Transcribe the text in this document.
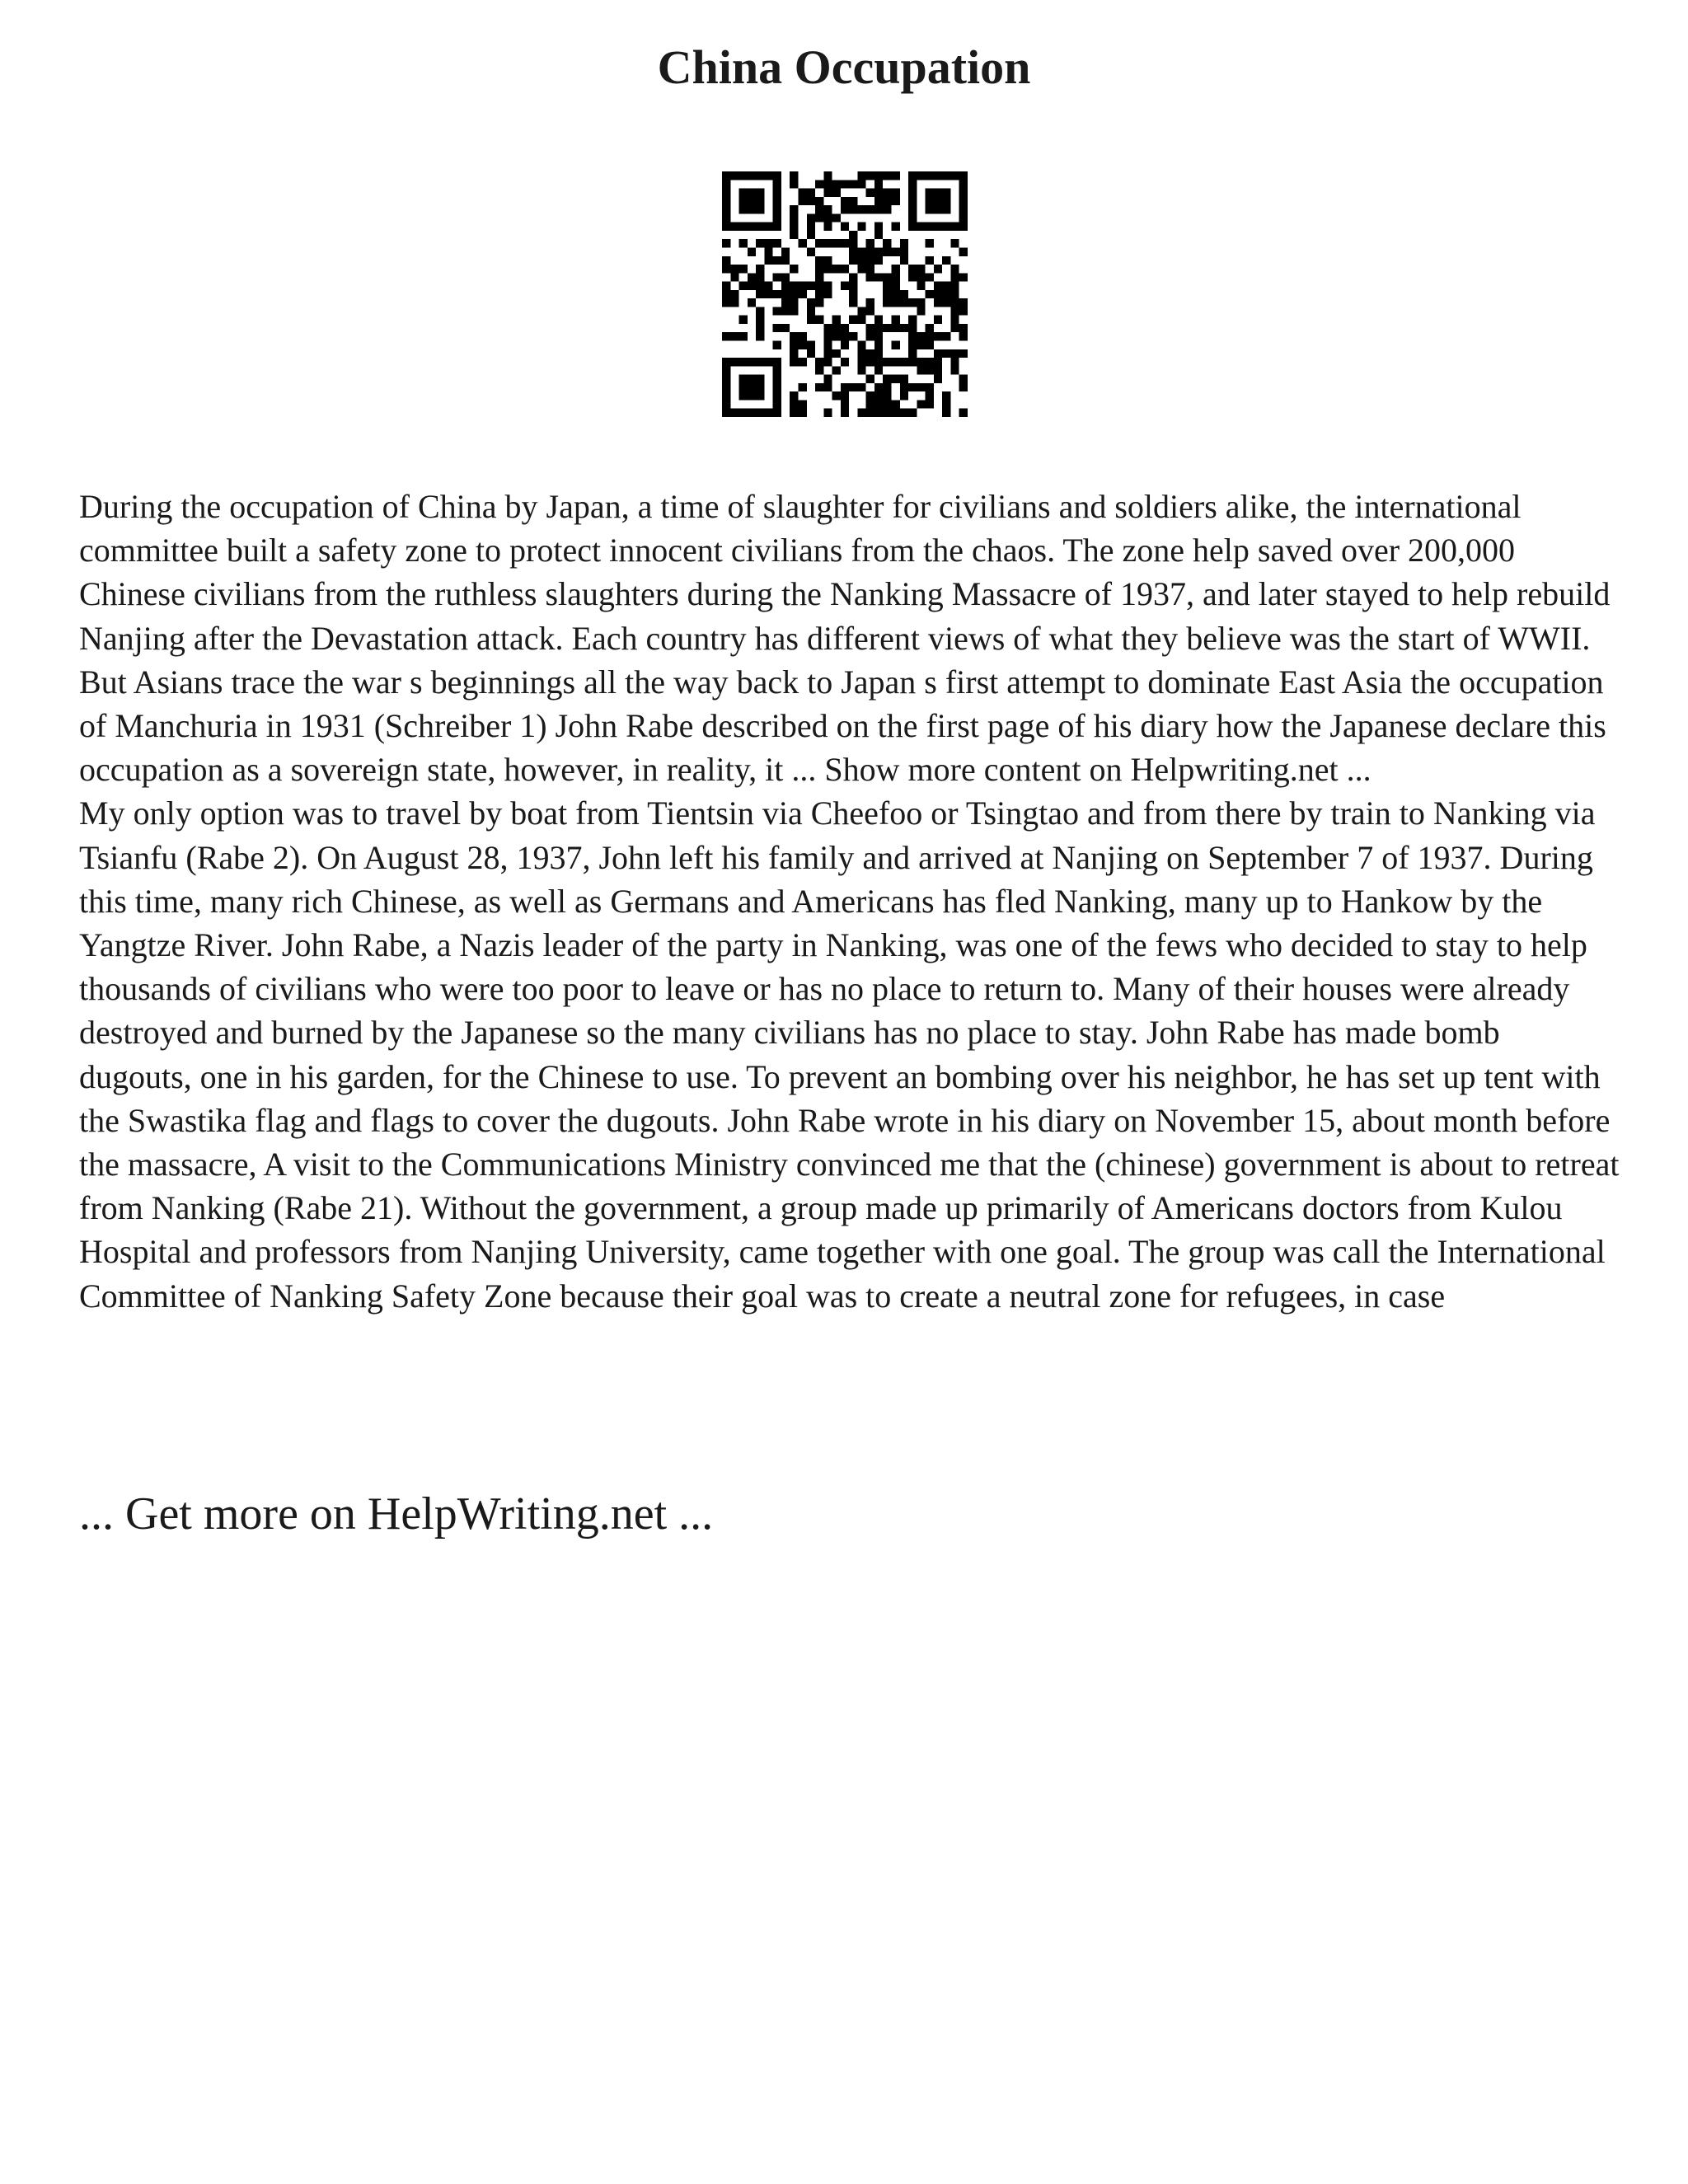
China Occupation

During the occupation of China by Japan, a time of slaughter for civilians and soldiers alike, the international committee built a safety zone to protect innocent civilians from the chaos. The zone help saved over 200,000 Chinese civilians from the ruthless slaughters during the Nanking Massacre of 1937, and later stayed to help rebuild Nanjing after the Devastation attack. Each country has different views of what they believe was the start of WWII. But Asians trace the war s beginnings all the way back to Japan s first attempt to dominate East Asia the occupation of Manchuria in 1931 (Schreiber 1) John Rabe described on the first page of his diary how the Japanese declare this occupation as a sovereign state, however, in reality, it ... Show more content on Helpwriting.net ...

My only option was to travel by boat from Tientsin via Cheefoo or Tsingtao and from there by train to Nanking via Tsianfu (Rabe 2). On August 28, 1937, John left his family and arrived at Nanjing on September 7 of 1937. During this time, many rich Chinese, as well as Germans and Americans has fled Nanking, many up to Hankow by the Yangtze River. John Rabe, a Nazis leader of the party in Nanking, was one of the fews who decided to stay to help thousands of civilians who were too poor to leave or has no place to return to. Many of their houses were already destroyed and burned by the Japanese so the many civilians has no place to stay. John Rabe has made bomb dugouts, one in his garden, for the Chinese to use. To prevent an bombing over his neighbor, he has set up tent with the Swastika flag and flags to cover the dugouts. John Rabe wrote in his diary on November 15, about month before the massacre, A visit to the Communications Ministry convinced me that the (chinese) government is about to retreat from Nanking (Rabe 21). Without the government, a group made up primarily of Americans doctors from Kulou Hospital and professors from Nanjing University, came together with one goal. The group was call the International Committee of Nanking Safety Zone because their goal was to create a neutral zone for refugees, in case

... Get more on HelpWriting.net ...
